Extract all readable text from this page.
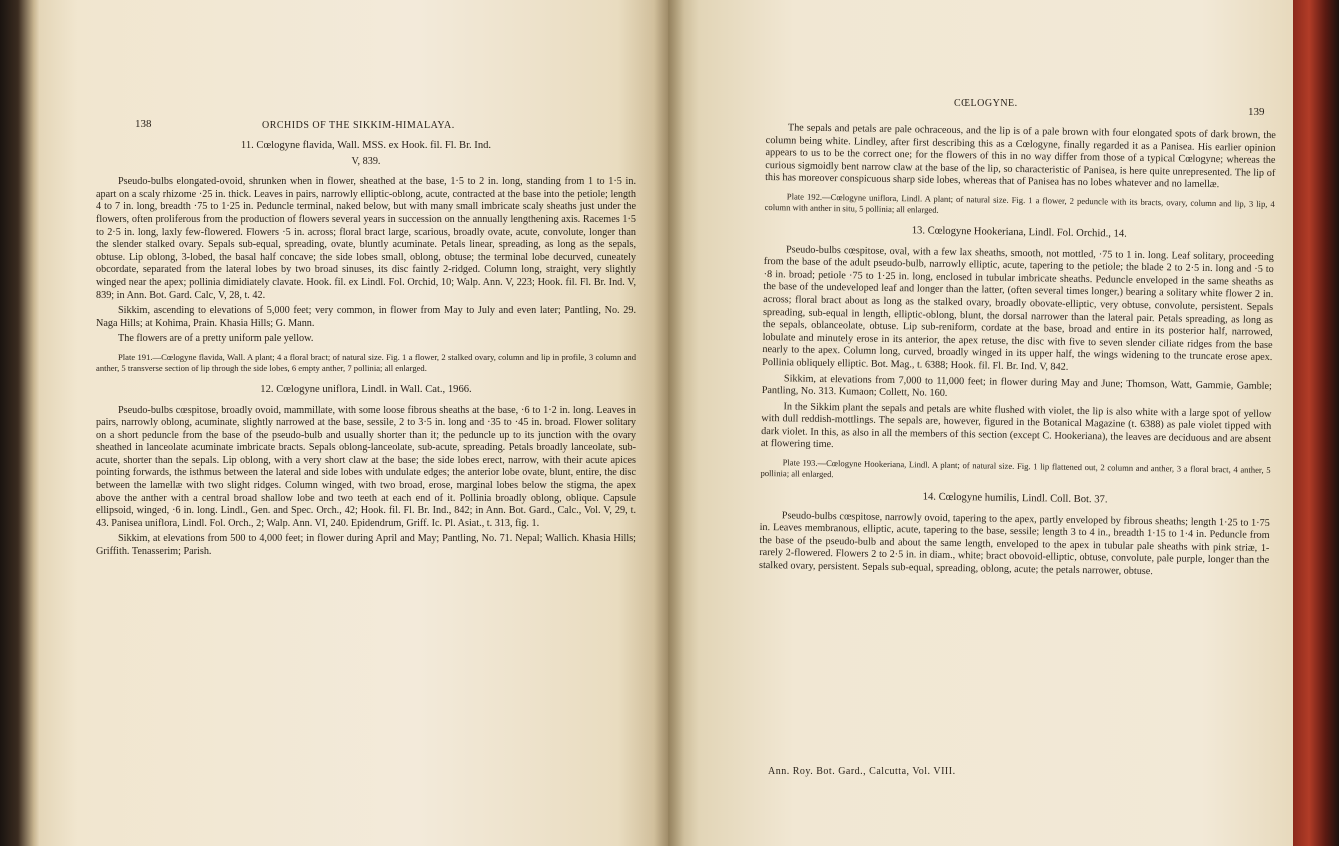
138	ORCHIDS OF THE SIKKIM-HIMALAYA.
11. Cœlogyne flavida, Wall. MSS. ex Hook. fil. Fl. Br. Ind.
V, 839.

Pseudo-bulbs elongated-ovoid, shrunken when in flower, sheathed at the base, 1·5 to 2 in. long, standing from 1 to 1·5 in. apart on a scaly rhizome ·25 in. thick. Leaves in pairs, narrowly elliptic-oblong, acute, contracted at the base into the petiole; length 4 to 7 in. long, breadth ·75 to 1·25 in. Peduncle terminal, naked below, but with many small imbricate scaly sheaths just under the flowers, often proliferous from the production of flowers several years in succession on the annually lengthening axis. Racemes 1·5 to 2·5 in. long, laxly few-flowered. Flowers ·5 in. across; floral bract large, scarious, broadly ovate, acute, convolute, longer than the slender stalked ovary. Sepals sub-equal, spreading, ovate, bluntly acuminate. Petals linear, spreading, as long as the sepals, obtuse. Lip oblong, 3-lobed, the basal half concave; the side lobes small, oblong, obtuse; the terminal lobe decurved, cuneately obcordate, separated from the lateral lobes by two broad sinuses, its disc faintly 2-ridged. Column long, straight, very slightly winged near the apex; pollinia dimidiately clavate. Hook. fil. ex Lindl. Fol. Orchid, 10; Walp. Ann. V, 223; Hook. fil. Fl. Br. Ind. V, 839; in Ann. Bot. Gard. Calc, V, 28, t. 42.

Sikkim, ascending to elevations of 5,000 feet; very common, in flower from May to July and even later; Pantling, No. 29. Naga Hills; at Kohima, Prain. Khasia Hills; G. Mann.

The flowers are of a pretty uniform pale yellow.

Plate 191.—Cœlogyne flavida, Wall. A plant; 4 a floral bract; of natural size. Fig. 1 a flower, 2 stalked ovary, column and lip in profile, 3 column and anther, 5 transverse section of lip through the side lobes, 6 empty anther, 7 pollinia; all enlarged.
12. Cœlogyne uniflora, Lindl. in Wall. Cat., 1966.

Pseudo-bulbs cœspitose, broadly ovoid, mammillate, with some loose fibrous sheaths at the base, ·6 to 1·2 in. long. Leaves in pairs, narrowly oblong, acuminate, slightly narrowed at the base, sessile, 2 to 3·5 in. long and ·35 to ·45 in. broad. Flower solitary on a short peduncle from the base of the pseudo-bulb and usually shorter than it; the peduncle up to its junction with the ovary sheathed in lanceolate acuminate imbricate bracts. Sepals oblong-lanceolate, sub-acute, spreading. Petals broadly lanceolate, sub-acute, shorter than the sepals. Lip oblong, with a very short claw at the base; the side lobes erect, narrow, with their acute apices pointing forwards, the isthmus between the lateral and side lobes with undulate edges; the anterior lobe ovate, blunt, entire, the disc between the lamellæ with two slight ridges. Column winged, with two broad, erose, marginal lobes below the stigma, the apex above the anther with a central broad shallow lobe and two teeth at each end of it. Pollinia broadly oblong, oblique. Capsule ellipsoid, winged, ·6 in. long. Lindl., Gen. and Spec. Orch., 42; Hook. fil. Fl. Br. Ind., 842; in Ann. Bot. Gard., Calc., Vol. V, 29, t. 43. Panisea uniflora, Lindl. Fol. Orch., 2; Walp. Ann. VI, 240. Epidendrum, Griff. Ic. Pl. Asiat., t. 313, fig. 1.

Sikkim, at elevations from 500 to 4,000 feet; in flower during April and May; Pantling, No. 71. Nepal; Wallich. Khasia Hills; Griffith. Tenasserim; Parish.

CŒLOGYNE.
139

The sepals and petals are pale ochraceous, and the lip is of a pale brown with four elongated spots of dark brown, the column being white. Lindley, after first describing this as a Cœlogyne, finally regarded it as a Panisea. His earlier opinion appears to us to be the correct one; for the flowers of this in no way differ from those of a typical Cœlogyne; whereas the curious sigmoidly bent narrow claw at the base of the lip, so characteristic of Panisea, is here quite unrepresented. The lip of this has moreover conspicuous sharp side lobes, whereas that of Panisea has no lobes whatever and no lamellæ.

Plate 192.—Cœlogyne uniflora, Lindl. A plant; of natural size. Fig. 1 a flower, 2 peduncle with its bracts, ovary, column and lip, 3 lip, 4 column with anther in situ, 5 pollinia; all enlarged.
13. Cœlogyne Hookeriana, Lindl. Fol. Orchid., 14.

Pseudo-bulbs cœspitose, oval, with a few lax sheaths, smooth, not mottled, ·75 to 1 in. long. Leaf solitary, proceeding from the base of the adult pseudo-bulb, narrowly elliptic, acute, tapering to the petiole; the blade 2 to 2·5 in. long and ·5 to ·8 in. broad; petiole ·75 to 1·25 in. long, enclosed in tubular imbricate sheaths. Peduncle enveloped in the same sheaths as the base of the undeveloped leaf and longer than the latter, (often several times longer,) bearing a solitary white flower 2 in. across; floral bract about as long as the stalked ovary, broadly obovate-elliptic, very obtuse, convolute, persistent. Sepals spreading, sub-equal in length, elliptic-oblong, blunt, the dorsal narrower than the lateral pair. Petals spreading, as long as the sepals, oblanceolate, obtuse. Lip sub-reniform, cordate at the base, broad and entire in its posterior half, narrowed, lobulate and minutely erose in its anterior, the apex retuse, the disc with five to seven slender ciliate ridges from the base nearly to the apex. Column long, curved, broadly winged in its upper half, the wings widening to the truncate erose apex. Pollinia obliquely elliptic. Bot. Mag., t. 6388; Hook. fil. Fl. Br. Ind. V, 842.

Sikkim, at elevations from 7,000 to 11,000 feet; in flower during May and June; Thomson, Watt, Gammie, Gamble; Pantling, No. 313. Kumaon; Collett, No. 160.

In the Sikkim plant the sepals and petals are white flushed with violet, the lip is also white with a large spot of yellow with dull reddish-mottlings. The sepals are, however, figured in the Botanical Magazine (t. 6388) as pale violet tipped with dark violet. In this, as also in all the members of this section (except C. Hookeriana), the leaves are deciduous and are absent at flowering time.

Plate 193.—Cœlogyne Hookeriana, Lindl. A plant; of natural size. Fig. 1 lip flattened out, 2 column and anther, 3 a floral bract, 4 anther, 5 pollinia; all enlarged.
14. Cœlogyne humilis, Lindl. Coll. Bot. 37.

Pseudo-bulbs cœspitose, narrowly ovoid, tapering to the apex, partly enveloped by fibrous sheaths; length 1·25 to 1·75 in. Leaves membranous, elliptic, acute, tapering to the base, sessile; length 3 to 4 in., breadth 1·15 to 1·4 in. Peduncle from the base of the pseudo-bulb and about the same length, enveloped to the apex in tubular pale sheaths with pink striæ, 1- rarely 2-flowered. Flowers 2 to 2·5 in. in diam., white; bract obovoid-elliptic, obtuse, convolute, pale purple, longer than the stalked ovary, persistent. Sepals sub-equal, spreading, oblong, acute; the petals narrower, obtuse.

Ann. Roy. Bot. Gard., Calcutta, Vol. VIII.
